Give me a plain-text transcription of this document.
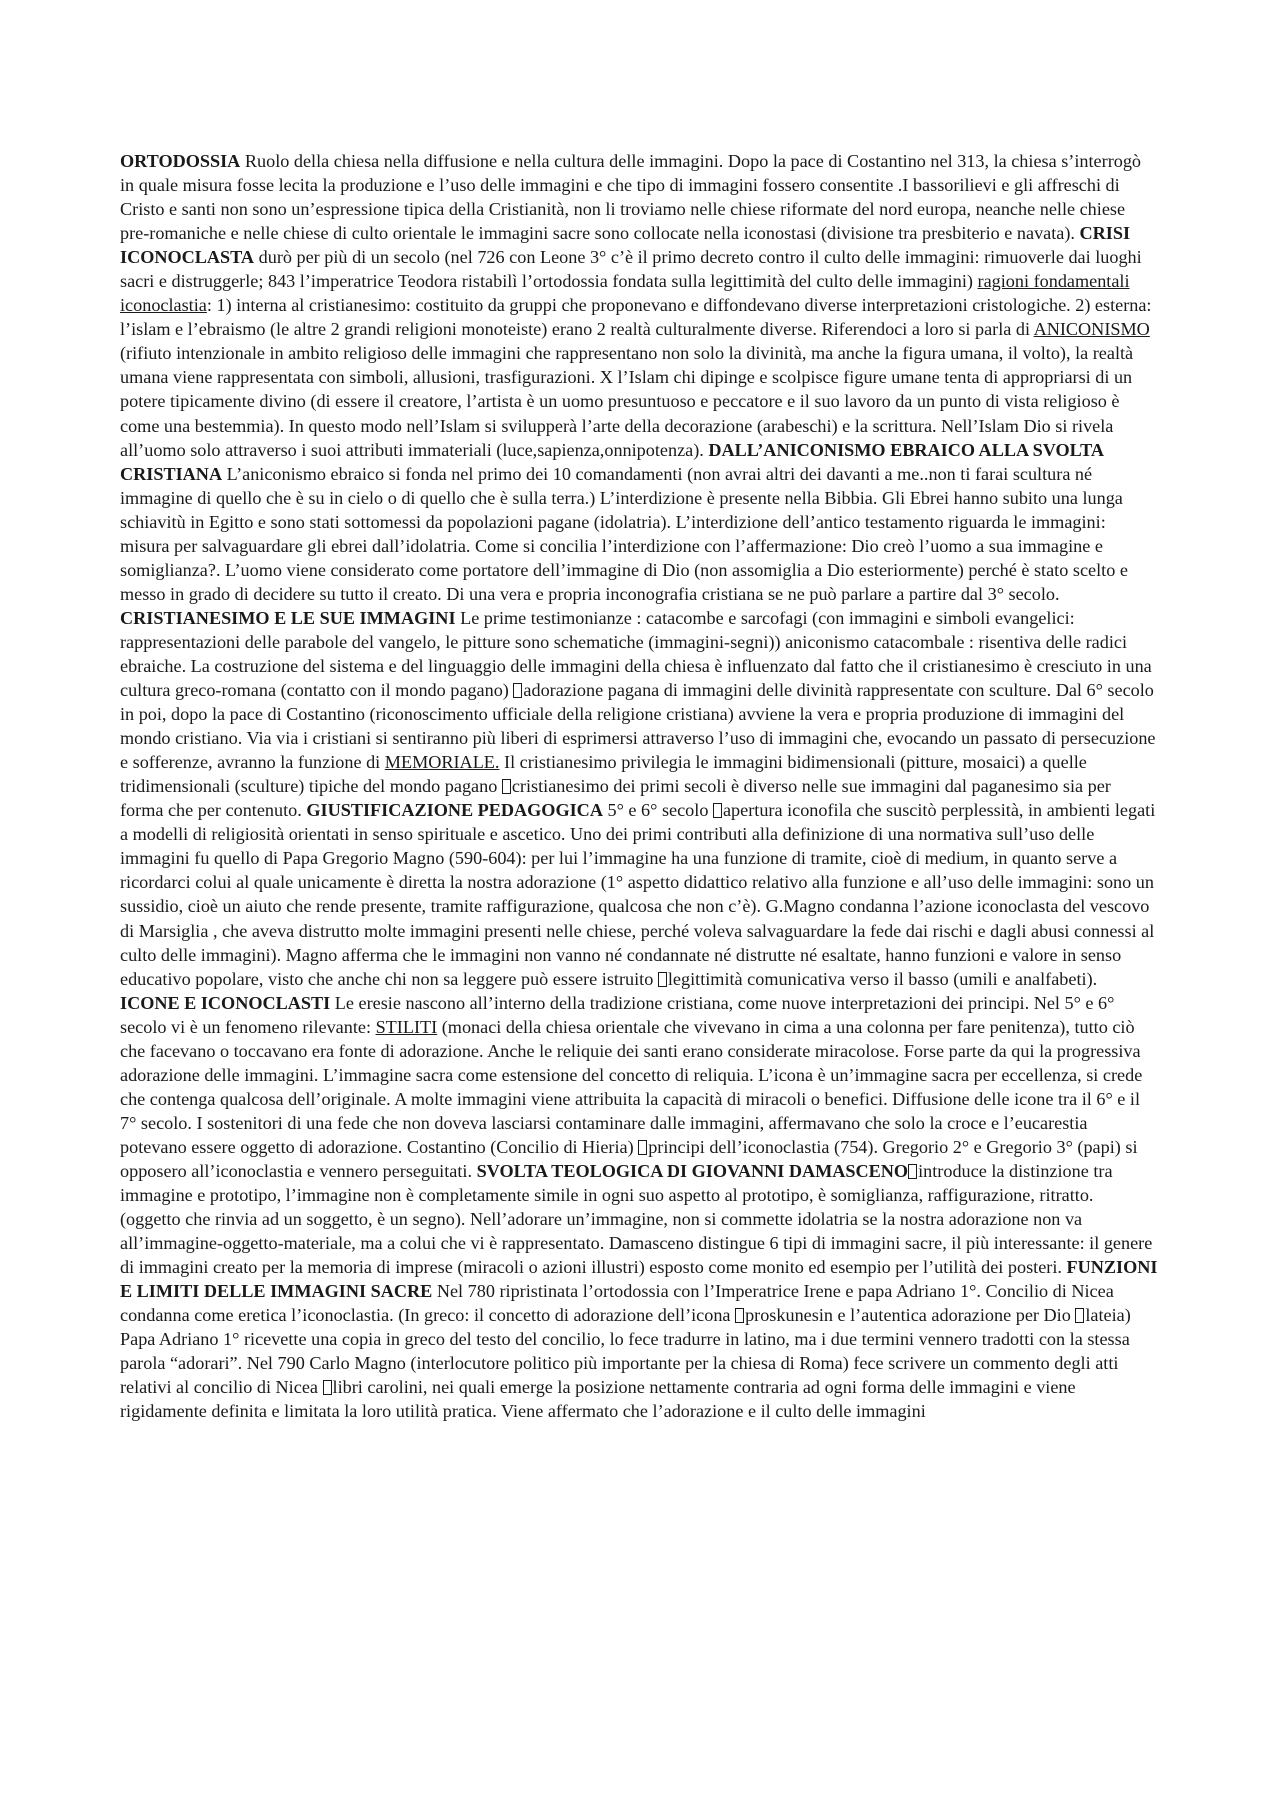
ORTODOSSIA Ruolo della chiesa nella diffusione e nella cultura delle immagini. Dopo la pace di Costantino nel 313, la chiesa s’interrogò in quale misura fosse lecita la produzione e l’uso delle immagini e che tipo di immagini fossero consentite .I bassorilievi e gli affreschi di Cristo e santi non sono un’espressione tipica della Cristianità, non li troviamo nelle chiese riformate del nord europa, neanche nelle chiese pre-romaniche e nelle chiese di culto orientale le immagini sacre sono collocate nella iconostasi (divisione tra presbiterio e navata). CRISI ICONOCLASTA durò per più di un secolo (nel 726 con Leone 3° c’è il primo decreto contro il culto delle immagini: rimuoverle dai luoghi sacri e distruggerle; 843 l’imperatrice Teodora ristabilì l’ortodossia fondata sulla legittimità del culto delle immagini) ragioni fondamentali iconoclastia: 1) interna al cristianesimo: costituito da gruppi che proponevano e diffondevano diverse interpretazioni cristologiche. 2) esterna: l’islam e l’ebraismo (le altre 2 grandi religioni monoteiste) erano 2 realtà culturalmente diverse. Riferendoci a loro si parla di ANICONISMO (rifiuto intenzionale in ambito religioso delle immagini che rappresentano non solo la divinità, ma anche la figura umana, il volto), la realtà umana viene rappresentata con simboli, allusioni, trasfigurazioni. X l’Islam chi dipinge e scolpisce figure umane tenta di appropriarsi di un potere tipicamente divino (di essere il creatore, l’artista è un uomo presuntuoso e peccatore e il suo lavoro da un punto di vista religioso è come una bestemmia). In questo modo nell’Islam si svilupperà l’arte della decorazione (arabeschi) e la scrittura. Nell’Islam Dio si rivela all’uomo solo attraverso i suoi attributi immateriali (luce,sapienza,onnipotenza). DALL’ANICONISMO EBRAICO ALLA SVOLTA CRISTIANA L’aniconismo ebraico si fonda nel primo dei 10 comandamenti (non avrai altri dei davanti a me..non ti farai scultura né immagine di quello che è su in cielo o di quello che è sulla terra.) L’interdizione è presente nella Bibbia. Gli Ebrei hanno subito una lunga schiavitù in Egitto e sono stati sottomessi da popolazioni pagane (idolatria). L’interdizione dell’antico testamento riguarda le immagini: misura per salvaguardare gli ebrei dall’idolatria. Come si concilia l’interdizione con l’affermazione: Dio creò l’uomo a sua immagine e somiglianza?. L’uomo viene considerato come portatore dell’immagine di Dio (non assomiglia a Dio esteriormente) perché è stato scelto e messo in grado di decidere su tutto il creato. Di una vera e propria inconografia cristiana se ne può parlare a partire dal 3° secolo. CRISTIANESIMO E LE SUE IMMAGINI Le prime testimonianze : catacombe e sarcofagi (con immagini e simboli evangelici: rappresentazioni delle parabole del vangelo, le pitture sono schematiche (immagini-segni)) aniconismo catacombale : risentiva delle radici ebraiche. La costruzione del sistema e del linguaggio delle immagini della chiesa è influenzato dal fatto che il cristianesimo è cresciuto in una cultura greco-romana (contatto con il mondo pagano) adorazione pagana di immagini delle divinità rappresentate con sculture. Dal 6° secolo in poi, dopo la pace di Costantino (riconoscimento ufficiale della religione cristiana) avviene la vera e propria produzione di immagini del mondo cristiano. Via via i cristiani si sentiranno più liberi di esprimersi attraverso l’uso di immagini che, evocando un passato di persecuzione e sofferenze, avranno la funzione di MEMORIALE. Il cristianesimo privilegia le immagini bidimensionali (pitture, mosaici) a quelle tridimensionali (sculture) tipiche del mondo pagano cristianesimo dei primi secoli è diverso nelle sue immagini dal paganesimo sia per forma che per contenuto. GIUSTIFICAZIONE PEDAGOGICA 5° e 6° secolo apertura iconofila che suscitò perplessità, in ambienti legati a modelli di religiosità orientati in senso spirituale e ascetico. Uno dei primi contributi alla definizione di una normativa sull’uso delle immagini fu quello di Papa Gregorio Magno (590-604): per lui l’immagine ha una funzione di tramite, cioè di medium, in quanto serve a ricordarci colui al quale unicamente è diretta la nostra adorazione (1° aspetto didattico relativo alla funzione e all’uso delle immagini: sono un sussidio, cioè un aiuto che rende presente, tramite raffigurazione, qualcosa che non c’è). G.Magno condanna l’azione iconoclasta del vescovo di Marsiglia , che aveva distrutto molte immagini presenti nelle chiese, perché voleva salvaguardare la fede dai rischi e dagli abusi connessi al culto delle immagini). Magno afferma che le immagini non vanno né condannate né distrutte né esaltate, hanno funzioni e valore in senso educativo popolare, visto che anche chi non sa leggere può essere istruito legittimità comunicativa verso il basso (umili e analfabeti). ICONE E ICONOCLASTI Le eresie nascono all’interno della tradizione cristiana, come nuove interpretazioni dei principi. Nel 5° e 6° secolo vi è un fenomeno rilevante: STILITI (monaci della chiesa orientale che vivevano in cima a una colonna per fare penitenza), tutto ciò che facevano o toccavano era fonte di adorazione. Anche le reliquie dei santi erano considerate miracolose. Forse parte da qui la progressiva adorazione delle immagini. L’immagine sacra come estensione del concetto di reliquia. L’icona è un’immagine sacra per eccellenza, si crede che contenga qualcosa dell’originale. A molte immagini viene attribuita la capacità di miracoli o benefici. Diffusione delle icone tra il 6° e il 7° secolo. I sostenitori di una fede che non doveva lasciarsi contaminare dalle immagini, affermavano che solo la croce e l’eucarestia potevano essere oggetto di adorazione. Costantino (Concilio di Hieria) principi dell’iconoclastia (754). Gregorio 2° e Gregorio 3° (papi) si opposero all’iconoclastia e vennero perseguitati. SVOLTA TEOLOGICA DI GIOVANNI DAMASCENO introduce la distinzione tra immagine e prototipo, l’immagine non è completamente simile in ogni suo aspetto al prototipo, è somiglianza, raffigurazione, ritratto. (oggetto che rinvia ad un soggetto, è un segno). Nell’adorare un’immagine, non si commette idolatria se la nostra adorazione non va all’immagine-oggetto-materiale, ma a colui che vi è rappresentato. Damasceno distingue 6 tipi di immagini sacre, il più interessante: il genere di immagini creato per la memoria di imprese (miracoli o azioni illustri) esposto come monito ed esempio per l’utilità dei posteri. FUNZIONI E LIMITI DELLE IMMAGINI SACRE Nel 780 ripristinata l’ortodossia con l’Imperatrice Irene e papa Adriano 1°. Concilio di Nicea condanna come eretica l’iconoclastia. (In greco: il concetto di adorazione dell’icona proskunesin e l’autentica adorazione per Dio lateia) Papa Adriano 1° ricevette una copia in greco del testo del concilio, lo fece tradurre in latino, ma i due termini vennero tradotti con la stessa parola “adorari”. Nel 790 Carlo Magno (interlocutore politico più importante per la chiesa di Roma) fece scrivere un commento degli atti relativi al concilio di Nicea libri carolini, nei quali emerge la posizione nettamente contraria ad ogni forma delle immagini e viene rigidamente definita e limitata la loro utilità pratica. Viene affermato che l’adorazione e il culto delle immagini
